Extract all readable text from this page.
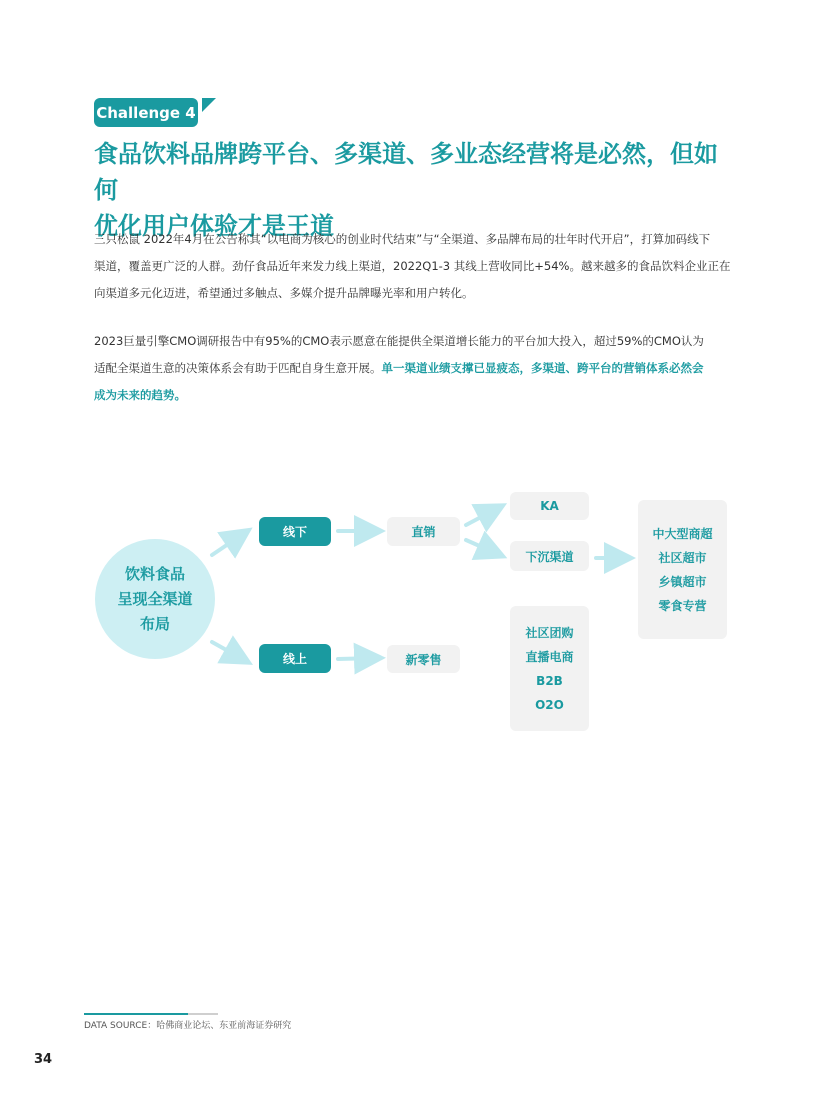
Challenge 4
食品饮料品牌跨平台、多渠道、多业态经营将是必然，但如何
优化用户体验才是王道

三只松鼠 2022年4月在公告称其“以电商为核心的创业时代结束”与“全渠道、多品牌布局的壮年时代开启”，打算加码线下
渠道，覆盖更广泛的人群。劲仔食品近年来发力线上渠道，2022Q1-3 其线上营收同比+54%。越来越多的食品饮料企业正在
向渠道多元化迈进，希望通过多触点、多媒介提升品牌曝光率和用户转化。

2023巨量引擎CMO调研报告中有95%的CMO表示愿意在能提供全渠道增长能力的平台加大投入，超过59%的CMO认为
适配全渠道生意的决策体系会有助于匹配自身生意开展。单一渠道业绩支撑已显疲态，多渠道、跨平台的营销体系必然会
成为未来的趋势。

饮料食品
呈现全渠道
布局
线下
线上
直销
新零售
KA
下沉渠道
中大型商超
社区超市
乡镇超市
零食专营
社区团购
直播电商
B2B
O2O
DATA SOURCE：哈佛商业论坛、东亚前海证券研究
34
